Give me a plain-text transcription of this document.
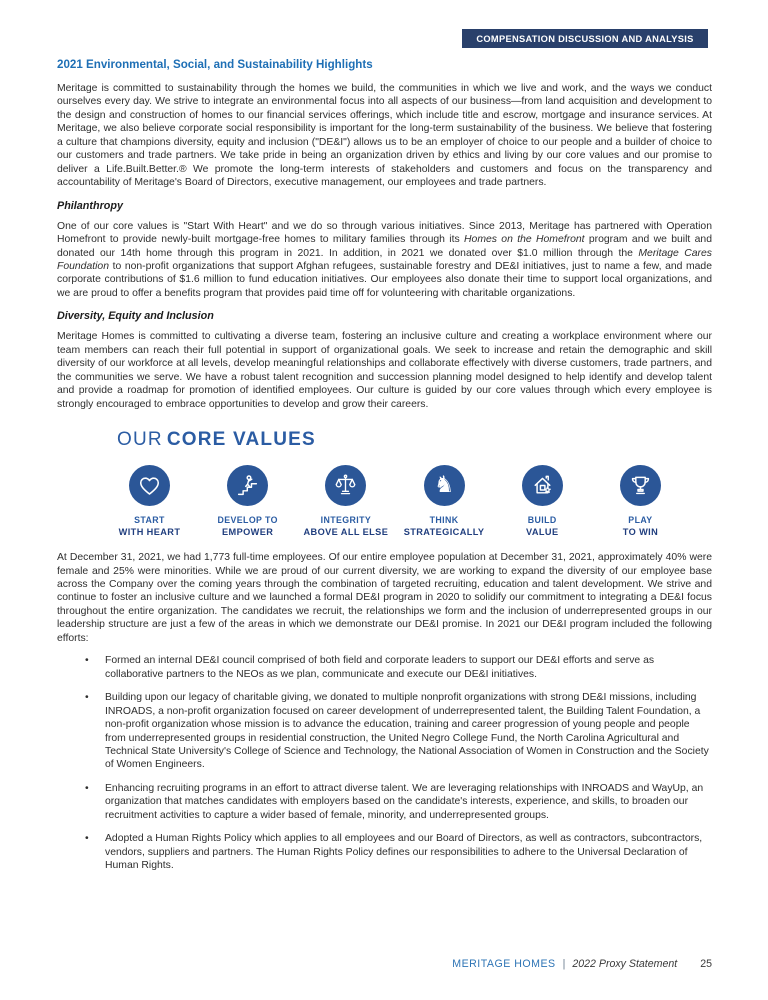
COMPENSATION DISCUSSION AND ANALYSIS
2021 Environmental, Social, and Sustainability Highlights

Meritage is committed to sustainability through the homes we build, the communities in which we live and work, and the ways we conduct ourselves every day. We strive to integrate an environmental focus into all aspects of our business—from land acquisition and development to the design and construction of homes to our financial services offerings, which include title and escrow, mortgage and insurance services. At Meritage, we also believe corporate social responsibility is important for the long-term sustainability of the business. We believe that fostering a culture that champions diversity, equity and inclusion ("DE&I") allows us to be an employer of choice to our people and a builder of choice to our customers and trade partners. We take pride in being an organization driven by ethics and living by our core values and our promise to deliver a Life.Built.Better.® We promote the long-term interests of stakeholders and customers and focus on the transparency and accountability of Meritage's Board of Directors, executive management, our employees and trade partners.

Philanthropy

One of our core values is "Start With Heart" and we do so through various initiatives. Since 2013, Meritage has partnered with Operation Homefront to provide newly-built mortgage-free homes to military families through its Homes on the Homefront program and we built and donated our 14th home through this program in 2021. In addition, in 2021 we donated over $1.0 million through the Meritage Cares Foundation to non-profit organizations that support Afghan refugees, sustainable forestry and DE&I initiatives, just to name a few, and made corporate contributions of $1.6 million to fund education initiatives. Our employees also donate their time to support local organizations, and we are proud to offer a benefits program that provides paid time off for volunteering with charitable organizations.

Diversity, Equity and Inclusion

Meritage Homes is committed to cultivating a diverse team, fostering an inclusive culture and creating a workplace environment where our team members can reach their full potential in support of organizational goals. We seek to increase and retain the demographic and skill diversity of our workforce at all levels, develop meaningful relationships and collaborate effectively with diverse customers, trade partners, and the communities we serve. We have a robust talent recognition and succession planning model designed to help identify and develop talent and provide a roadmap for promotion of identified employees. Our culture is guided by our core values through which every employee is strongly encouraged to embrace opportunities to develop and grow their careers.

OUR CORE VALUES
START
WITH HEART
DEVELOP TO
EMPOWER
INTEGRITY
ABOVE ALL ELSE
♞
THINK
STRATEGICALLY
BUILD
VALUE
PLAY
TO WIN

At December 31, 2021, we had 1,773 full-time employees. Of our entire employee population at December 31, 2021, approximately 40% were female and 25% were minorities. While we are proud of our current diversity, we are working to expand the diversity of our employee base across the Company over the coming years through the combination of targeted recruiting, education and talent development. We strive and continue to foster an inclusive culture and we launched a formal DE&I program in 2020 to solidify our commitment to integrating a DE&I focus throughout the entire organization. The candidates we recruit, the relationships we form and the inclusion of underrepresented groups in our leadership structure are just a few of the areas in which we demonstrate our DE&I promise. In 2021 our DE&I program included the following efforts:

• Formed an internal DE&I council comprised of both field and corporate leaders to support our DE&I efforts and serve as collaborative partners to the NEOs as we plan, communicate and execute our DE&I initiatives.
• Building upon our legacy of charitable giving, we donated to multiple nonprofit organizations with strong DE&I missions, including INROADS, a non-profit organization focused on career development of underrepresented talent, the Building Talent Foundation, a non-profit organization whose mission is to advance the education, training and career progression of young people and people from underrepresented groups in residential construction, the United Negro College Fund, the North Carolina Agricultural and Technical State University's College of Science and Technology, the National Association of Women in Construction and the Society of Women Engineers.
• Enhancing recruiting programs in an effort to attract diverse talent. We are leveraging relationships with INROADS and WayUp, an organization that matches candidates with employers based on the candidate's interests, experience, and skills, to broaden our recruitment activities to capture a wider based of female, minority, and underrepresented groups.
• Adopted a Human Rights Policy which applies to all employees and our Board of Directors, as well as contractors, subcontractors, vendors, suppliers and partners. The Human Rights Policy defines our responsibilities to adhere to the Universal Declaration of Human Rights.
MERITAGE HOMES | 2022 Proxy Statement 25
